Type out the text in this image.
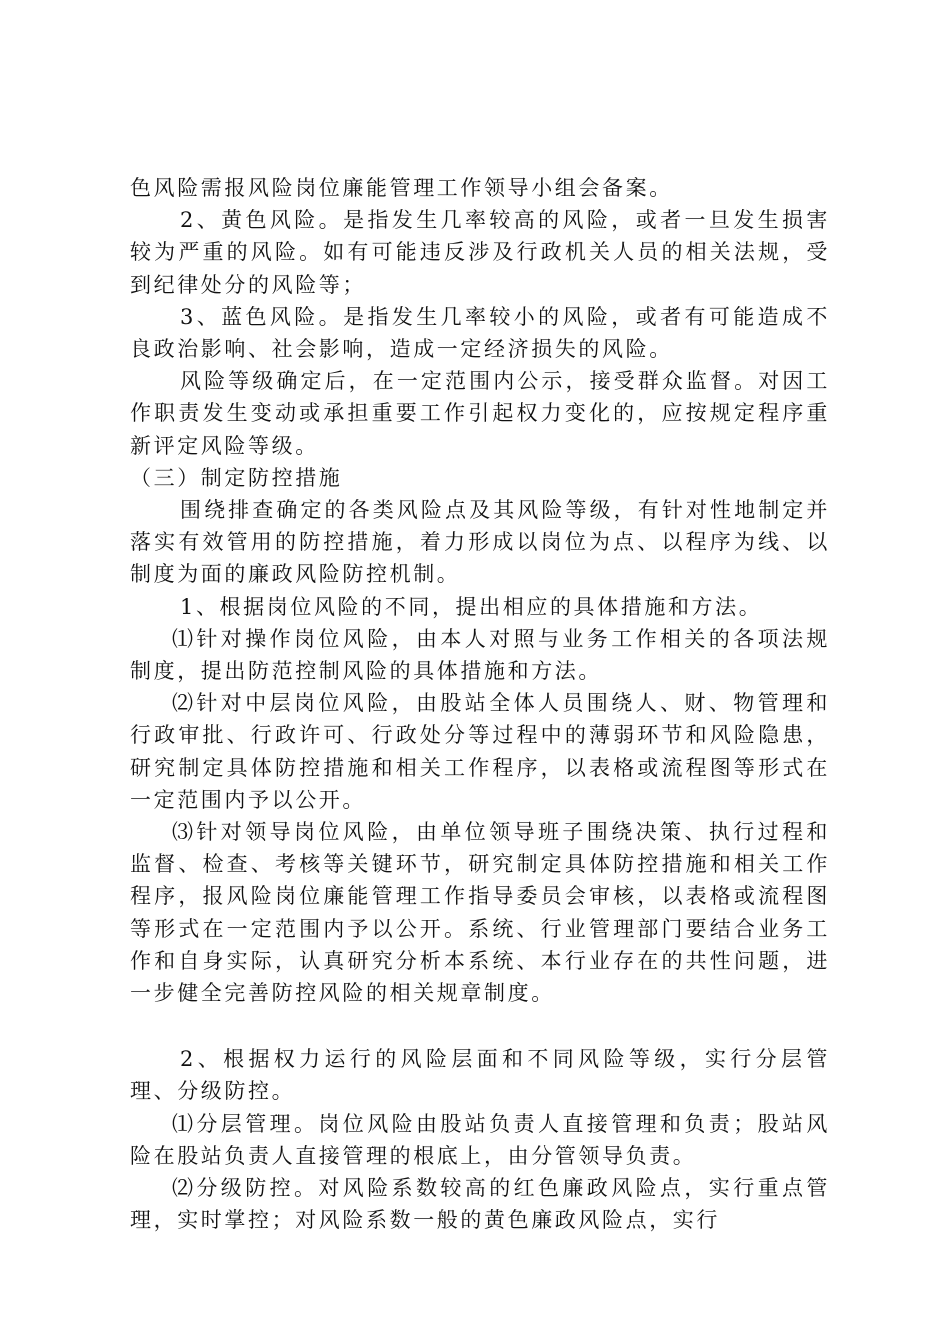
色风险需报风险岗位廉能管理工作领导小组会备案。

2、黄色风险。是指发生几率较高的风险，或者一旦发生损害较为严重的风险。如有可能违反涉及行政机关人员的相关法规，受到纪律处分的风险等；

3、蓝色风险。是指发生几率较小的风险，或者有可能造成不良政治影响、社会影响，造成一定经济损失的风险。

风险等级确定后，在一定范围内公示，接受群众监督。对因工作职责发生变动或承担重要工作引起权力变化的，应按规定程序重新评定风险等级。

（三）制定防控措施

围绕排查确定的各类风险点及其风险等级，有针对性地制定并落实有效管用的防控措施，着力形成以岗位为点、以程序为线、以制度为面的廉政风险防控机制。

1、根据岗位风险的不同，提出相应的具体措施和方法。

⑴针对操作岗位风险，由本人对照与业务工作相关的各项法规制度，提出防范控制风险的具体措施和方法。

⑵针对中层岗位风险，由股站全体人员围绕人、财、物管理和行政审批、行政许可、行政处分等过程中的薄弱环节和风险隐患，研究制定具体防控措施和相关工作程序，以表格或流程图等形式在一定范围内予以公开。

⑶针对领导岗位风险，由单位领导班子围绕决策、执行过程和监督、检查、考核等关键环节，研究制定具体防控措施和相关工作程序，报风险岗位廉能管理工作指导委员会审核，以表格或流程图等形式在一定范围内予以公开。系统、行业管理部门要结合业务工作和自身实际，认真研究分析本系统、本行业存在的共性问题，进一步健全完善防控风险的相关规章制度。

2、根据权力运行的风险层面和不同风险等级，实行分层管理、分级防控。

⑴分层管理。岗位风险由股站负责人直接管理和负责；股站风险在股站负责人直接管理的根底上，由分管领导负责。

⑵分级防控。对风险系数较高的红色廉政风险点，实行重点管理，实时掌控；对风险系数一般的黄色廉政风险点，实行
